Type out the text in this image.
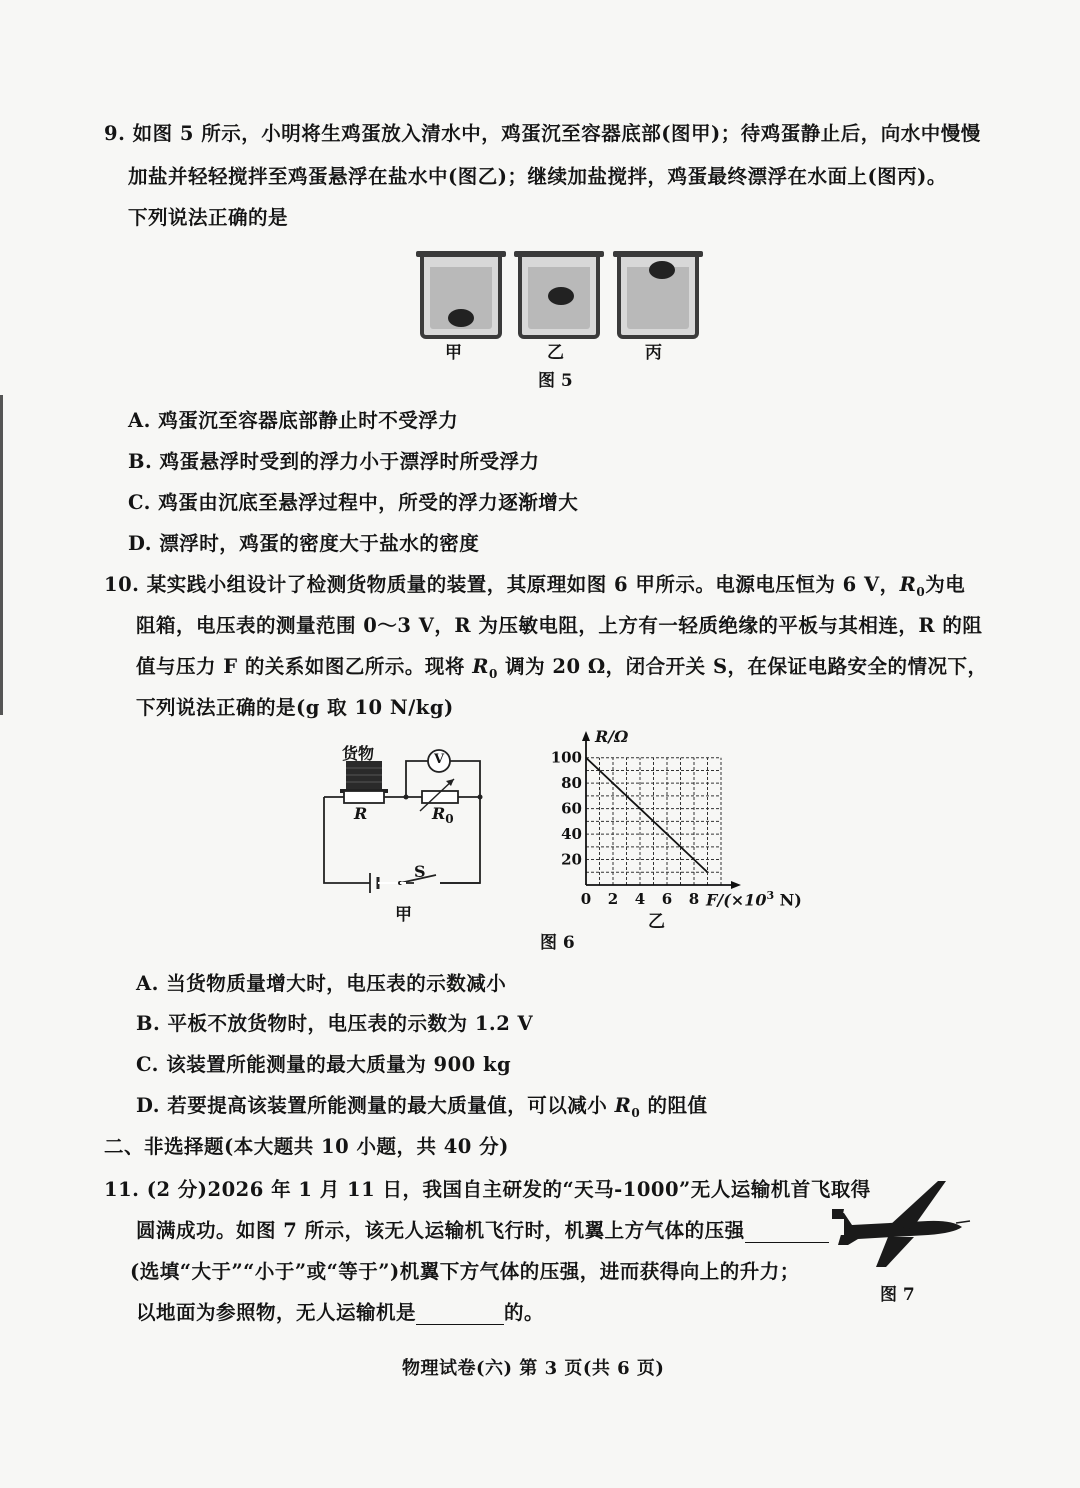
9. 如图 5 所示，小明将生鸡蛋放入清水中，鸡蛋沉至容器底部(图甲)；待鸡蛋静止后，向水中慢慢
加盐并轻轻搅拌至鸡蛋悬浮在盐水中(图乙)；继续加盐搅拌，鸡蛋最终漂浮在水面上(图丙)。
下列说法正确的是
甲	乙	丙
图 5
A. 鸡蛋沉至容器底部静止时不受浮力
B. 鸡蛋悬浮时受到的浮力小于漂浮时所受浮力
C. 鸡蛋由沉底至悬浮过程中，所受的浮力逐渐增大
D. 漂浮时，鸡蛋的密度大于盐水的密度
10. 某实践小组设计了检测货物质量的装置，其原理如图 6 甲所示。电源电压恒为 6 V，$R_0$为电
阻箱，电压表的测量范围 0～3 V，R 为压敏电阻，上方有一轻质绝缘的平板与其相连，R 的阻
值与压力 F 的关系如图乙所示。现将 $R_0$ 调为 20 Ω，闭合开关 S，在保证电路安全的情况下，
下列说法正确的是(g 取 10 N/kg)
货物	V
R	$R_0$
S
甲
100
80
60
40
20
0 2 4 6 8
R/Ω
$F/(\times 10^3$ N)
乙
图 6
A. 当货物质量增大时，电压表的示数减小
B. 平板不放货物时，电压表的示数为 1.2 V
C. 该装置所能测量的最大质量为 900 kg
D. 若要提高该装置所能测量的最大质量值，可以减小 $R_0$ 的阻值
二、非选择题(本大题共 10 小题，共 40 分)
11. (2 分)2026 年 1 月 11 日，我国自主研发的“天马-1000”无人运输机首飞取得
圆满成功。如图 7 所示，该无人运输机飞行时，机翼上方气体的压强
(选填“大于”“小于”或“等于”)机翼下方气体的压强，进而获得向上的升力；
以地面为参照物，无人运输机是	的。
图 7
物理试卷(六) 第 3 页(共 6 页)
